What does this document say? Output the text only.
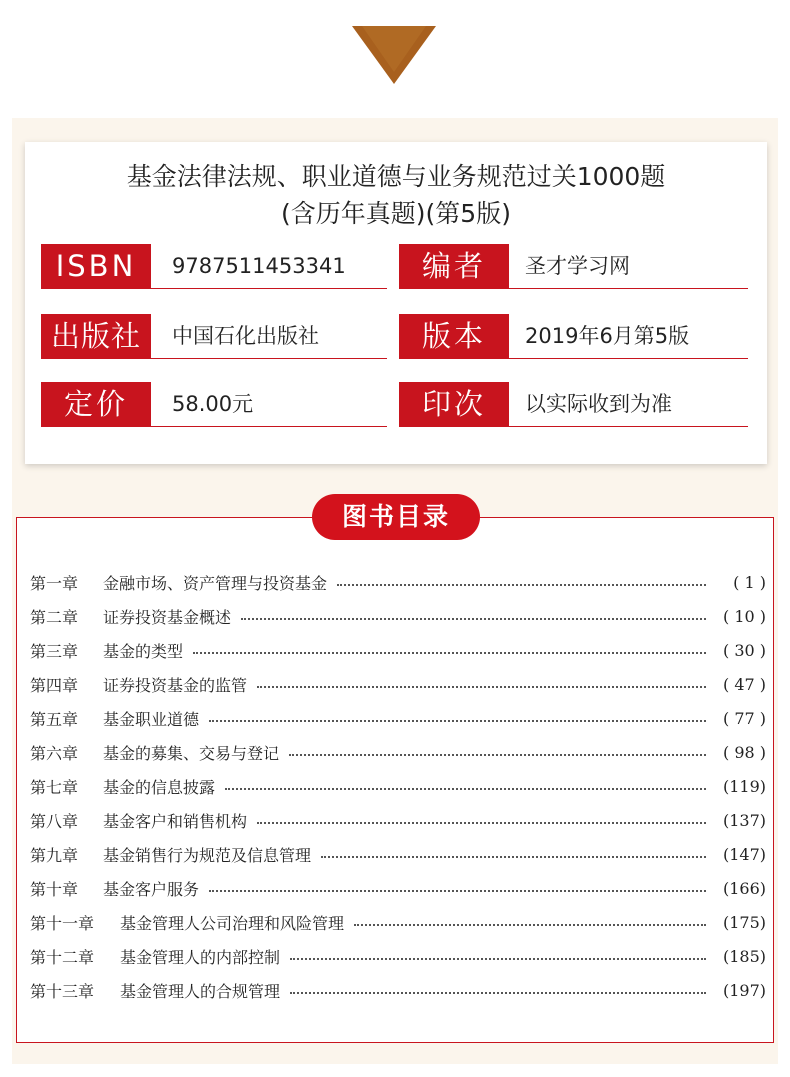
基金法律法规、职业道德与业务规范过关1000题
(含历年真题)(第5版)
ISBN	9787511453341	编者	圣才学习网
出版社	中国石化出版社	版本	2019年6月第5版
定价	58.00元	印次	以实际收到为准
图书目录
第一章	金融市场、资产管理与投资基金	( 1 )
第二章	证券投资基金概述	( 10 )
第三章	基金的类型	( 30 )
第四章	证券投资基金的监管	( 47 )
第五章	基金职业道德	( 77 )
第六章	基金的募集、交易与登记	( 98 )
第七章	基金的信息披露	(119)
第八章	基金客户和销售机构	(137)
第九章	基金销售行为规范及信息管理	(147)
第十章	基金客户服务	(166)
第十一章	基金管理人公司治理和风险管理	(175)
第十二章	基金管理人的内部控制	(185)
第十三章	基金管理人的合规管理	(197)
